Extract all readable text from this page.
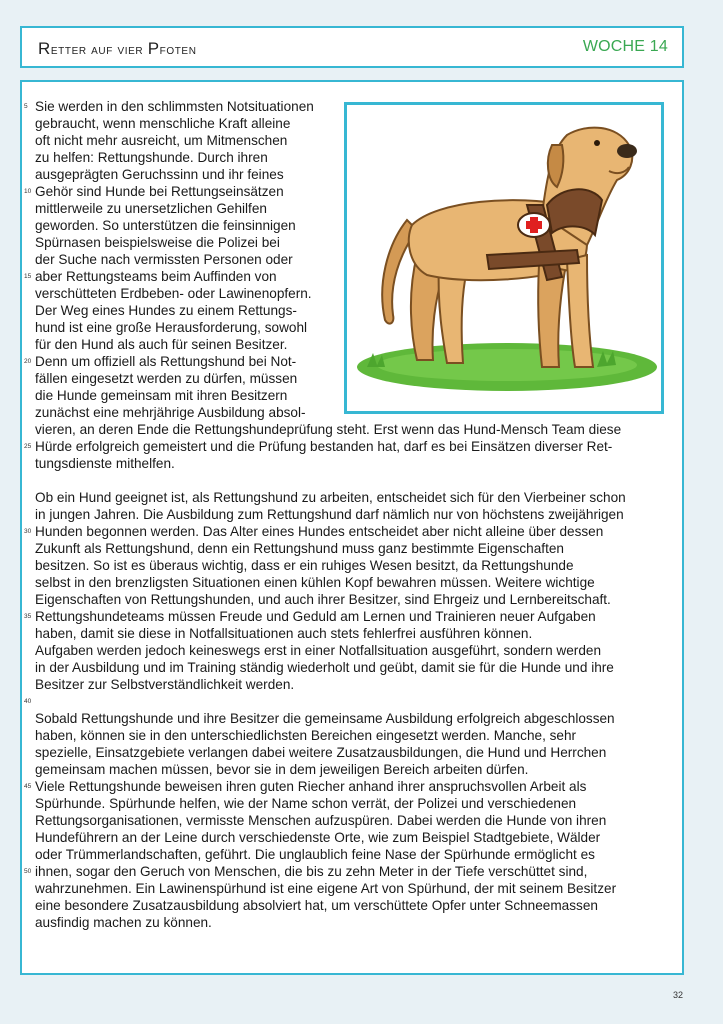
Retter auf vier Pfoten	WOCHE 14
Sie werden in den schlimmsten Notsituationen
gebraucht, wenn menschliche Kraft alleine
oft nicht mehr ausreicht, um Mitmenschen
zu helfen: Rettungshunde. Durch ihren
ausgeprägten Geruchssinn und ihr feines
Gehör sind Hunde bei Rettungseinsätzen
mittlerweile zu unersetzlichen Gehilfen
geworden. So unterstützen die feinsinnigen
Spürnasen beispielsweise die Polizei bei
der Suche nach vermissten Personen oder
aber Rettungsteams beim Auffinden von
verschütteten Erdbeben- oder Lawinenopfern.
Der Weg eines Hundes zu einem Rettungs-
hund ist eine große Herausforderung, sowohl
für den Hund als auch für seinen Besitzer.
Denn um offiziell als Rettungshund bei Not-
fällen eingesetzt werden zu dürfen, müssen
die Hunde gemeinsam mit ihren Besitzern
zunächst eine mehrjährige Ausbildung absol-
vieren, an deren Ende die Rettungshundeprüfung steht. Erst wenn das Hund-Mensch Team diese
Hürde erfolgreich gemeistert und die Prüfung bestanden hat, darf es bei Einsätzen diverser Ret-
tungsdienste mithelfen.
Ob ein Hund geeignet ist, als Rettungshund zu arbeiten, entscheidet sich für den Vierbeiner schon
in jungen Jahren. Die Ausbildung zum Rettungshund darf nämlich nur von höchstens zweijährigen
Hunden begonnen werden. Das Alter eines Hundes entscheidet aber nicht alleine über dessen
Zukunft als Rettungshund, denn ein Rettungshund muss ganz bestimmte Eigenschaften
besitzen. So ist es überaus wichtig, dass er ein ruhiges Wesen besitzt, da Rettungshunde
selbst in den brenzligsten Situationen einen kühlen Kopf bewahren müssen. Weitere wichtige
Eigenschaften von Rettungshunden, und auch ihrer Besitzer, sind Ehrgeiz und Lernbereitschaft.
Rettungshundeteams müssen Freude und Geduld am Lernen und Trainieren neuer Aufgaben
haben, damit sie diese in Notfallsituationen auch stets fehlerfrei ausführen können.
Aufgaben werden jedoch keineswegs erst in einer Notfallsituation ausgeführt, sondern werden
in der Ausbildung und im Training ständig wiederholt und geübt, damit sie für die Hunde und ihre
Besitzer zur Selbstverständlichkeit werden.
Sobald Rettungshunde und ihre Besitzer die gemeinsame Ausbildung erfolgreich abgeschlossen
haben, können sie in den unterschiedlichsten Bereichen eingesetzt werden. Manche, sehr
spezielle, Einsatzgebiete verlangen dabei weitere Zusatzausbildungen, die Hund und Herrchen
gemeinsam machen müssen, bevor sie in dem jeweiligen Bereich arbeiten dürfen.
Viele Rettungshunde beweisen ihren guten Riecher anhand ihrer anspruchsvollen Arbeit als
Spürhunde. Spürhunde helfen, wie der Name schon verrät, der Polizei und verschiedenen
Rettungsorganisationen, vermisste Menschen aufzuspüren. Dabei werden die Hunde von ihren
Hundeführern an der Leine durch verschiedenste Orte, wie zum Beispiel Stadtgebiete, Wälder
oder Trümmerlandschaften, geführt. Die unglaublich feine Nase der Spürhunde ermöglicht es
ihnen, sogar den Geruch von Menschen, die bis zu zehn Meter in der Tiefe verschüttet sind,
wahrzunehmen. Ein Lawinenspürhund ist eine eigene Art von Spürhund, der mit seinem Besitzer
eine besondere Zusatzausbildung absolviert hat, um verschüttete Opfer unter Schneemassen
ausfindig machen zu können.
5
10
15
20
25
30
35
40
45
50
32
